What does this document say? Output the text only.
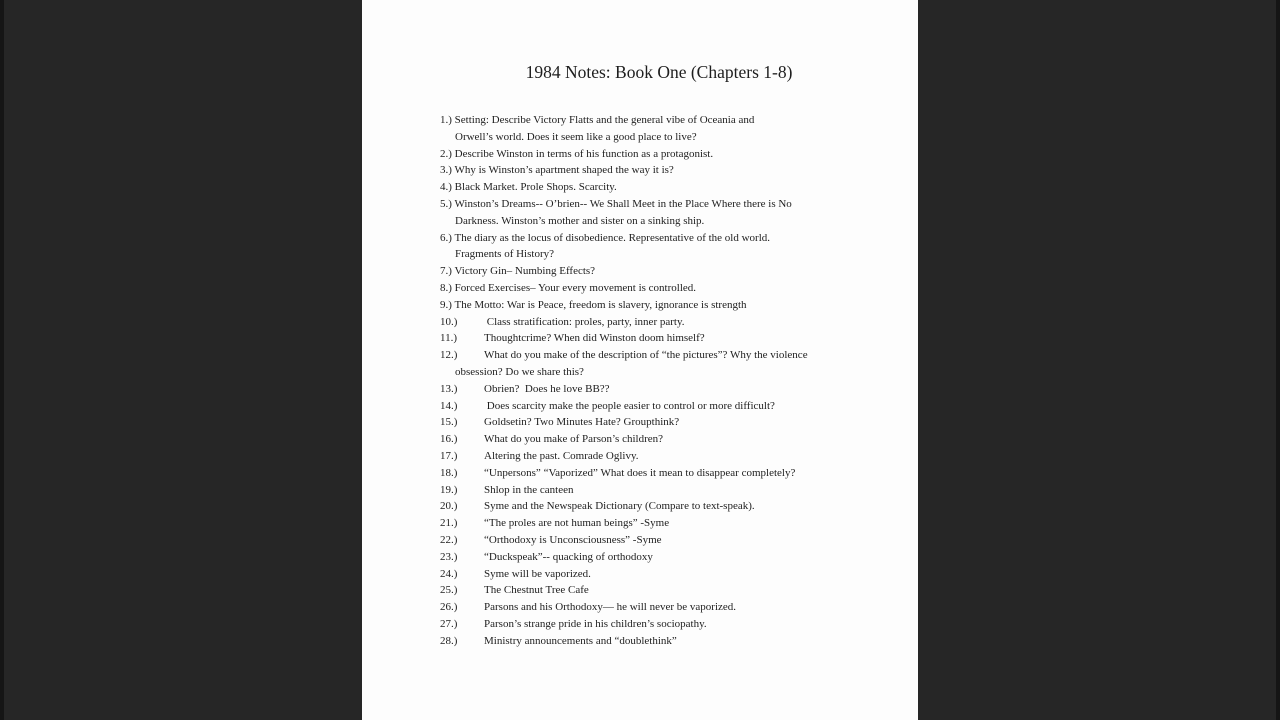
1984 Notes: Book One (Chapters 1-8)
1.) Setting: Describe Victory Flatts and the general vibe of Oceania and
Orwell’s world. Does it seem like a good place to live?
2.) Describe Winston in terms of his function as a protagonist.
3.) Why is Winston’s apartment shaped the way it is?
4.) Black Market. Prole Shops. Scarcity.
5.) Winston’s Dreams-- O’brien-- We Shall Meet in the Place Where there is No
Darkness. Winston’s mother and sister on a sinking ship.
6.) The diary as the locus of disobedience. Representative of the old world.
Fragments of History?
7.) Victory Gin– Numbing Effects?
8.) Forced Exercises– Your every movement is controlled.
9.) The Motto: War is Peace, freedom is slavery, ignorance is strength
10.) Class stratification: proles, party, inner party.
11.) Thoughtcrime? When did Winston doom himself?
12.) What do you make of the description of “the pictures”? Why the violence
obsession? Do we share this?
13.) Obrien?  Does he love BB??
14.) Does scarcity make the people easier to control or more difficult?
15.) Goldsetin? Two Minutes Hate? Groupthink?
16.) What do you make of Parson’s children?
17.) Altering the past. Comrade Oglivy.
18.) “Unpersons” “Vaporized” What does it mean to disappear completely?
19.) Shlop in the canteen
20.) Syme and the Newspeak Dictionary (Compare to text-speak).
21.) “The proles are not human beings” -Syme
22.) “Orthodoxy is Unconsciousness” -Syme
23.) “Duckspeak”-- quacking of orthodoxy
24.) Syme will be vaporized.
25.) The Chestnut Tree Cafe
26.) Parsons and his Orthodoxy— he will never be vaporized.
27.) Parson’s strange pride in his children’s sociopathy.
28.) Ministry announcements and “doublethink”
